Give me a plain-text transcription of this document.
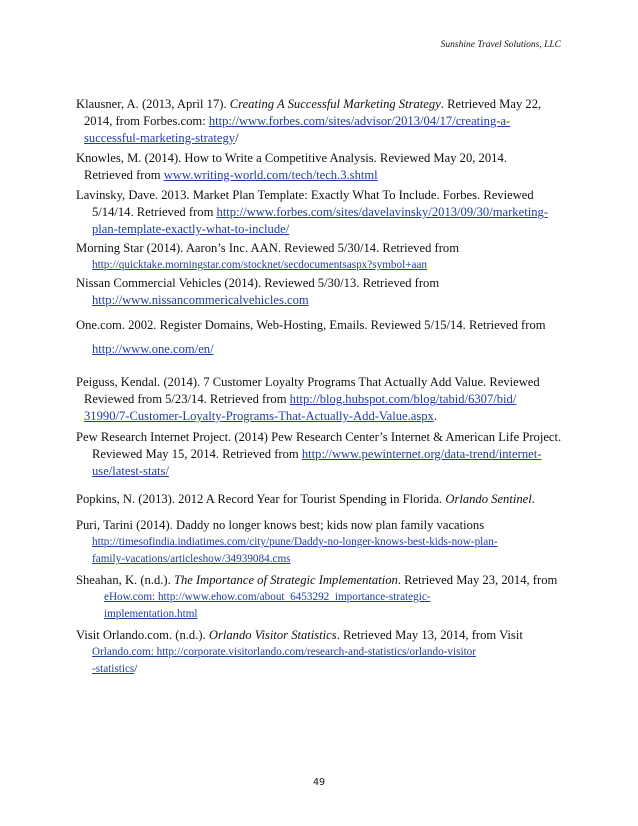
Sunshine Travel Solutions, LLC
Klausner, A. (2013, April 17). Creating A Successful Marketing Strategy. Retrieved May 22,
2014, from Forbes.com: http://www.forbes.com/sites/advisor/2013/04/17/creating-a-
successful-marketing-strategy/
Knowles, M. (2014). How to Write a Competitive Analysis. Reviewed May 20, 2014.
Retrieved from www.writing-world.com/tech/tech.3.shtml
Lavinsky, Dave. 2013. Market Plan Template: Exactly What To Include. Forbes. Reviewed
5/14/14. Retrieved from http://www.forbes.com/sites/davelavinsky/2013/09/30/marketing-
plan-template-exactly-what-to-include/
Morning Star (2014). Aaron’s Inc. AAN. Reviewed 5/30/14. Retrieved from
http://quicktake.morningstar.com/stocknet/secdocumentsaspx?symbol+aan
Nissan Commercial Vehicles (2014). Reviewed 5/30/13. Retrieved from
http://www.nissancommericalvehicles.com
One.com. 2002. Register Domains, Web-Hosting, Emails. Reviewed 5/15/14. Retrieved from
http://www.one.com/en/
Peiguss, Kendal. (2014). 7 Customer Loyalty Programs That Actually Add Value. Reviewed
Reviewed from 5/23/14. Retrieved from http://blog.hubspot.com/blog/tabid/6307/bid/
31990/7-Customer-Loyalty-Programs-That-Actually-Add-Value.aspx.
Pew Research Internet Project. (2014) Pew Research Center’s Internet & American Life Project.
Reviewed May 15, 2014. Retrieved from http://www.pewinternet.org/data-trend/internet-
use/latest-stats/
Popkins, N. (2013). 2012 A Record Year for Tourist Spending in Florida. Orlando Sentinel.
Puri, Tarini (2014). Daddy no longer knows best; kids now plan family vacations
http://timesofindia.indiatimes.com/city/pune/Daddy-no-longer-knows-best-kids-now-plan-
family-vacations/articleshow/34939084.cms
Sheahan, K. (n.d.). The Importance of Strategic Implementation. Retrieved May 23, 2014, from
eHow.com: http://www.ehow.com/about_6453292_importance-strategic-
implementation.html
Visit Orlando.com. (n.d.). Orlando Visitor Statistics. Retrieved May 13, 2014, from Visit
Orlando.com: http://corporate.visitorlando.com/research-and-statistics/orlando-visitor
-statistics/
49
